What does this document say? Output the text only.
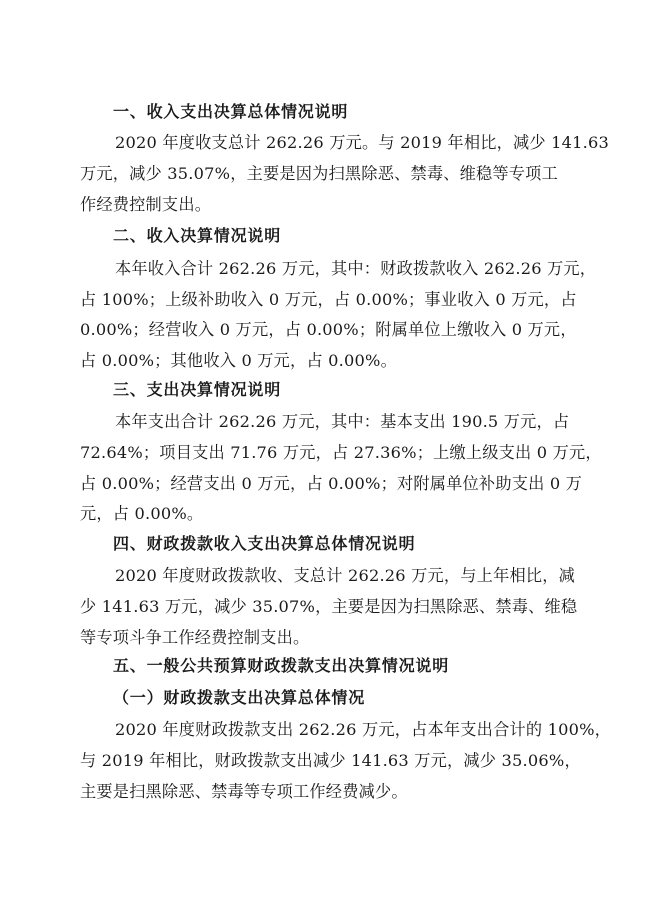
一、收入支出决算总体情况说明
2020 年度收支总计 262.26 万元。与 2019 年相比，减少 141.63
万元，减少 35.07%，主要是因为扫黑除恶、禁毒、维稳等专项工
作经费控制支出。
二、收入决算情况说明
本年收入合计 262.26 万元，其中：财政拨款收入 262.26 万元，
占 100%；上级补助收入 0 万元，占 0.00%；事业收入 0 万元，占
0.00%；经营收入 0 万元，占 0.00%；附属单位上缴收入 0 万元，
占 0.00%；其他收入 0 万元，占 0.00%。
三、支出决算情况说明
本年支出合计 262.26 万元，其中：基本支出 190.5 万元，占
72.64%；项目支出 71.76 万元，占 27.36%；上缴上级支出 0 万元，
占 0.00%；经营支出 0 万元，占 0.00%；对附属单位补助支出 0 万
元，占 0.00%。
四、财政拨款收入支出决算总体情况说明
2020 年度财政拨款收、支总计 262.26 万元，与上年相比，减
少 141.63 万元，减少 35.07%，主要是因为扫黑除恶、禁毒、维稳
等专项斗争工作经费控制支出。
五、一般公共预算财政拨款支出决算情况说明
（一）财政拨款支出决算总体情况
2020 年度财政拨款支出 262.26 万元，占本年支出合计的 100%，
与 2019 年相比，财政拨款支出减少 141.63 万元，减少 35.06%，
主要是扫黑除恶、禁毒等专项工作经费减少。
